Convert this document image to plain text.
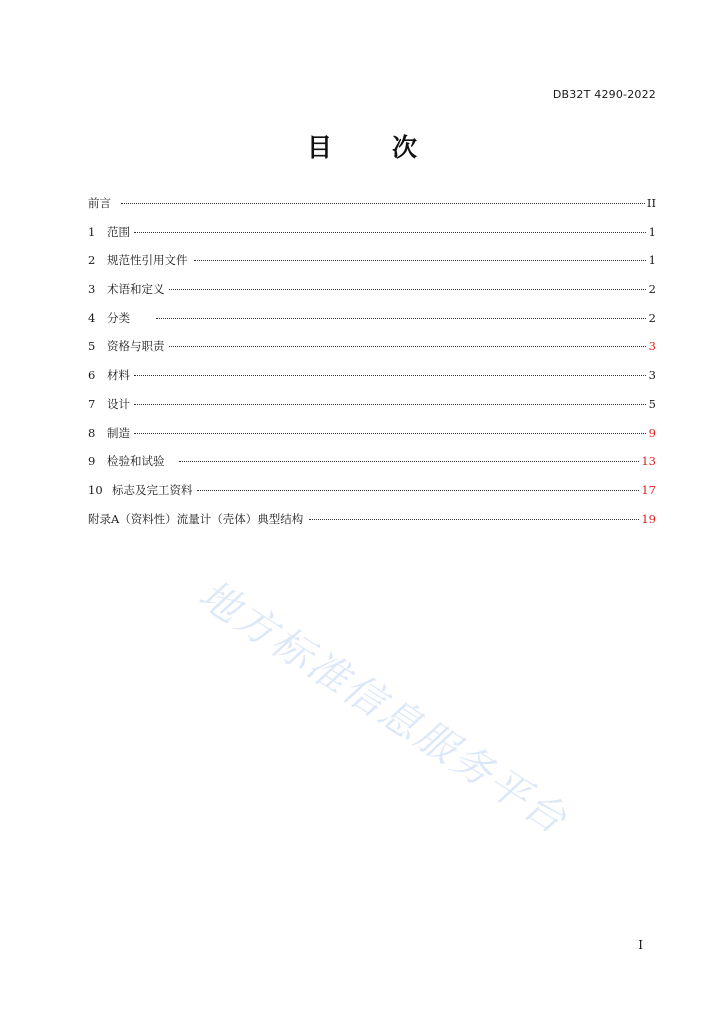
DB32T 4290-2022
目次
前言	II
1	范围	1
2	规范性引用文件	1
3	术语和定义	2
4	分类	2
5	资格与职责	3
6	材料	3
7	设计	5
8	制造	9
9	检验和试验	13
10 标志及完工资料	17
附录A（资料性）流量计（壳体）典型结构	19
地方标准信息服务平台
I
